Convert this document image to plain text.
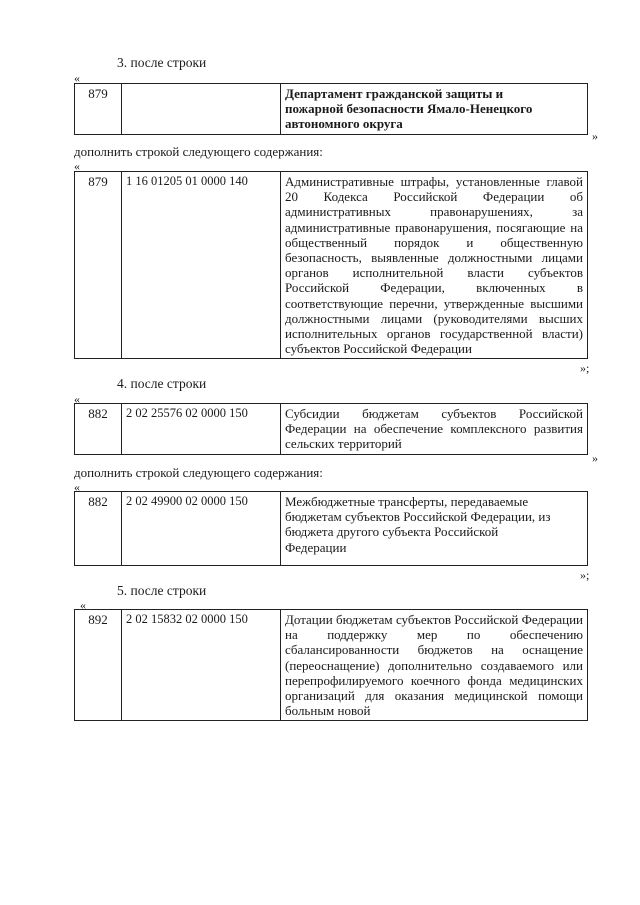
3. после строки
«
879		Департамент гражданской защиты и
пожарной безопасности Ямало-Ненецкого
автономного округа
»
дополнить строкой следующего содержания:
«
879	1 16 01205 01 0000 140	Административные штрафы, установленные главой 20 Кодекса Российской Федерации об административных правонарушениях, за административные правонарушения, посягающие на общественный порядок и общественную безопасность, выявленные должностными лицами органов исполнительной власти субъектов Российской Федерации, включенных в соответствующие перечни, утвержденные высшими должностными лицами (руководителями высших исполнительных органов государственной власти) субъектов Российской Федерации
»;
4. после строки
«
882	2 02 25576 02 0000 150	Субсидии бюджетам субъектов Российской Федерации на обеспечение комплексного развития сельских территорий
»
дополнить строкой следующего содержания:
«
882	2 02 49900 02 0000 150	Межбюджетные трансферты, передаваемые
бюджетам субъектов Российской Федерации, из
бюджета другого субъекта Российской
Федерации
»;
5. после строки
«
892	2 02 15832 02 0000 150	Дотации бюджетам субъектов Российской Федерации на поддержку мер по обеспечению сбалансированности бюджетов на оснащение (переоснащение) дополнительно создаваемого или перепрофилируемого коечного фонда медицинских организаций для оказания медицинской помощи больным новой
